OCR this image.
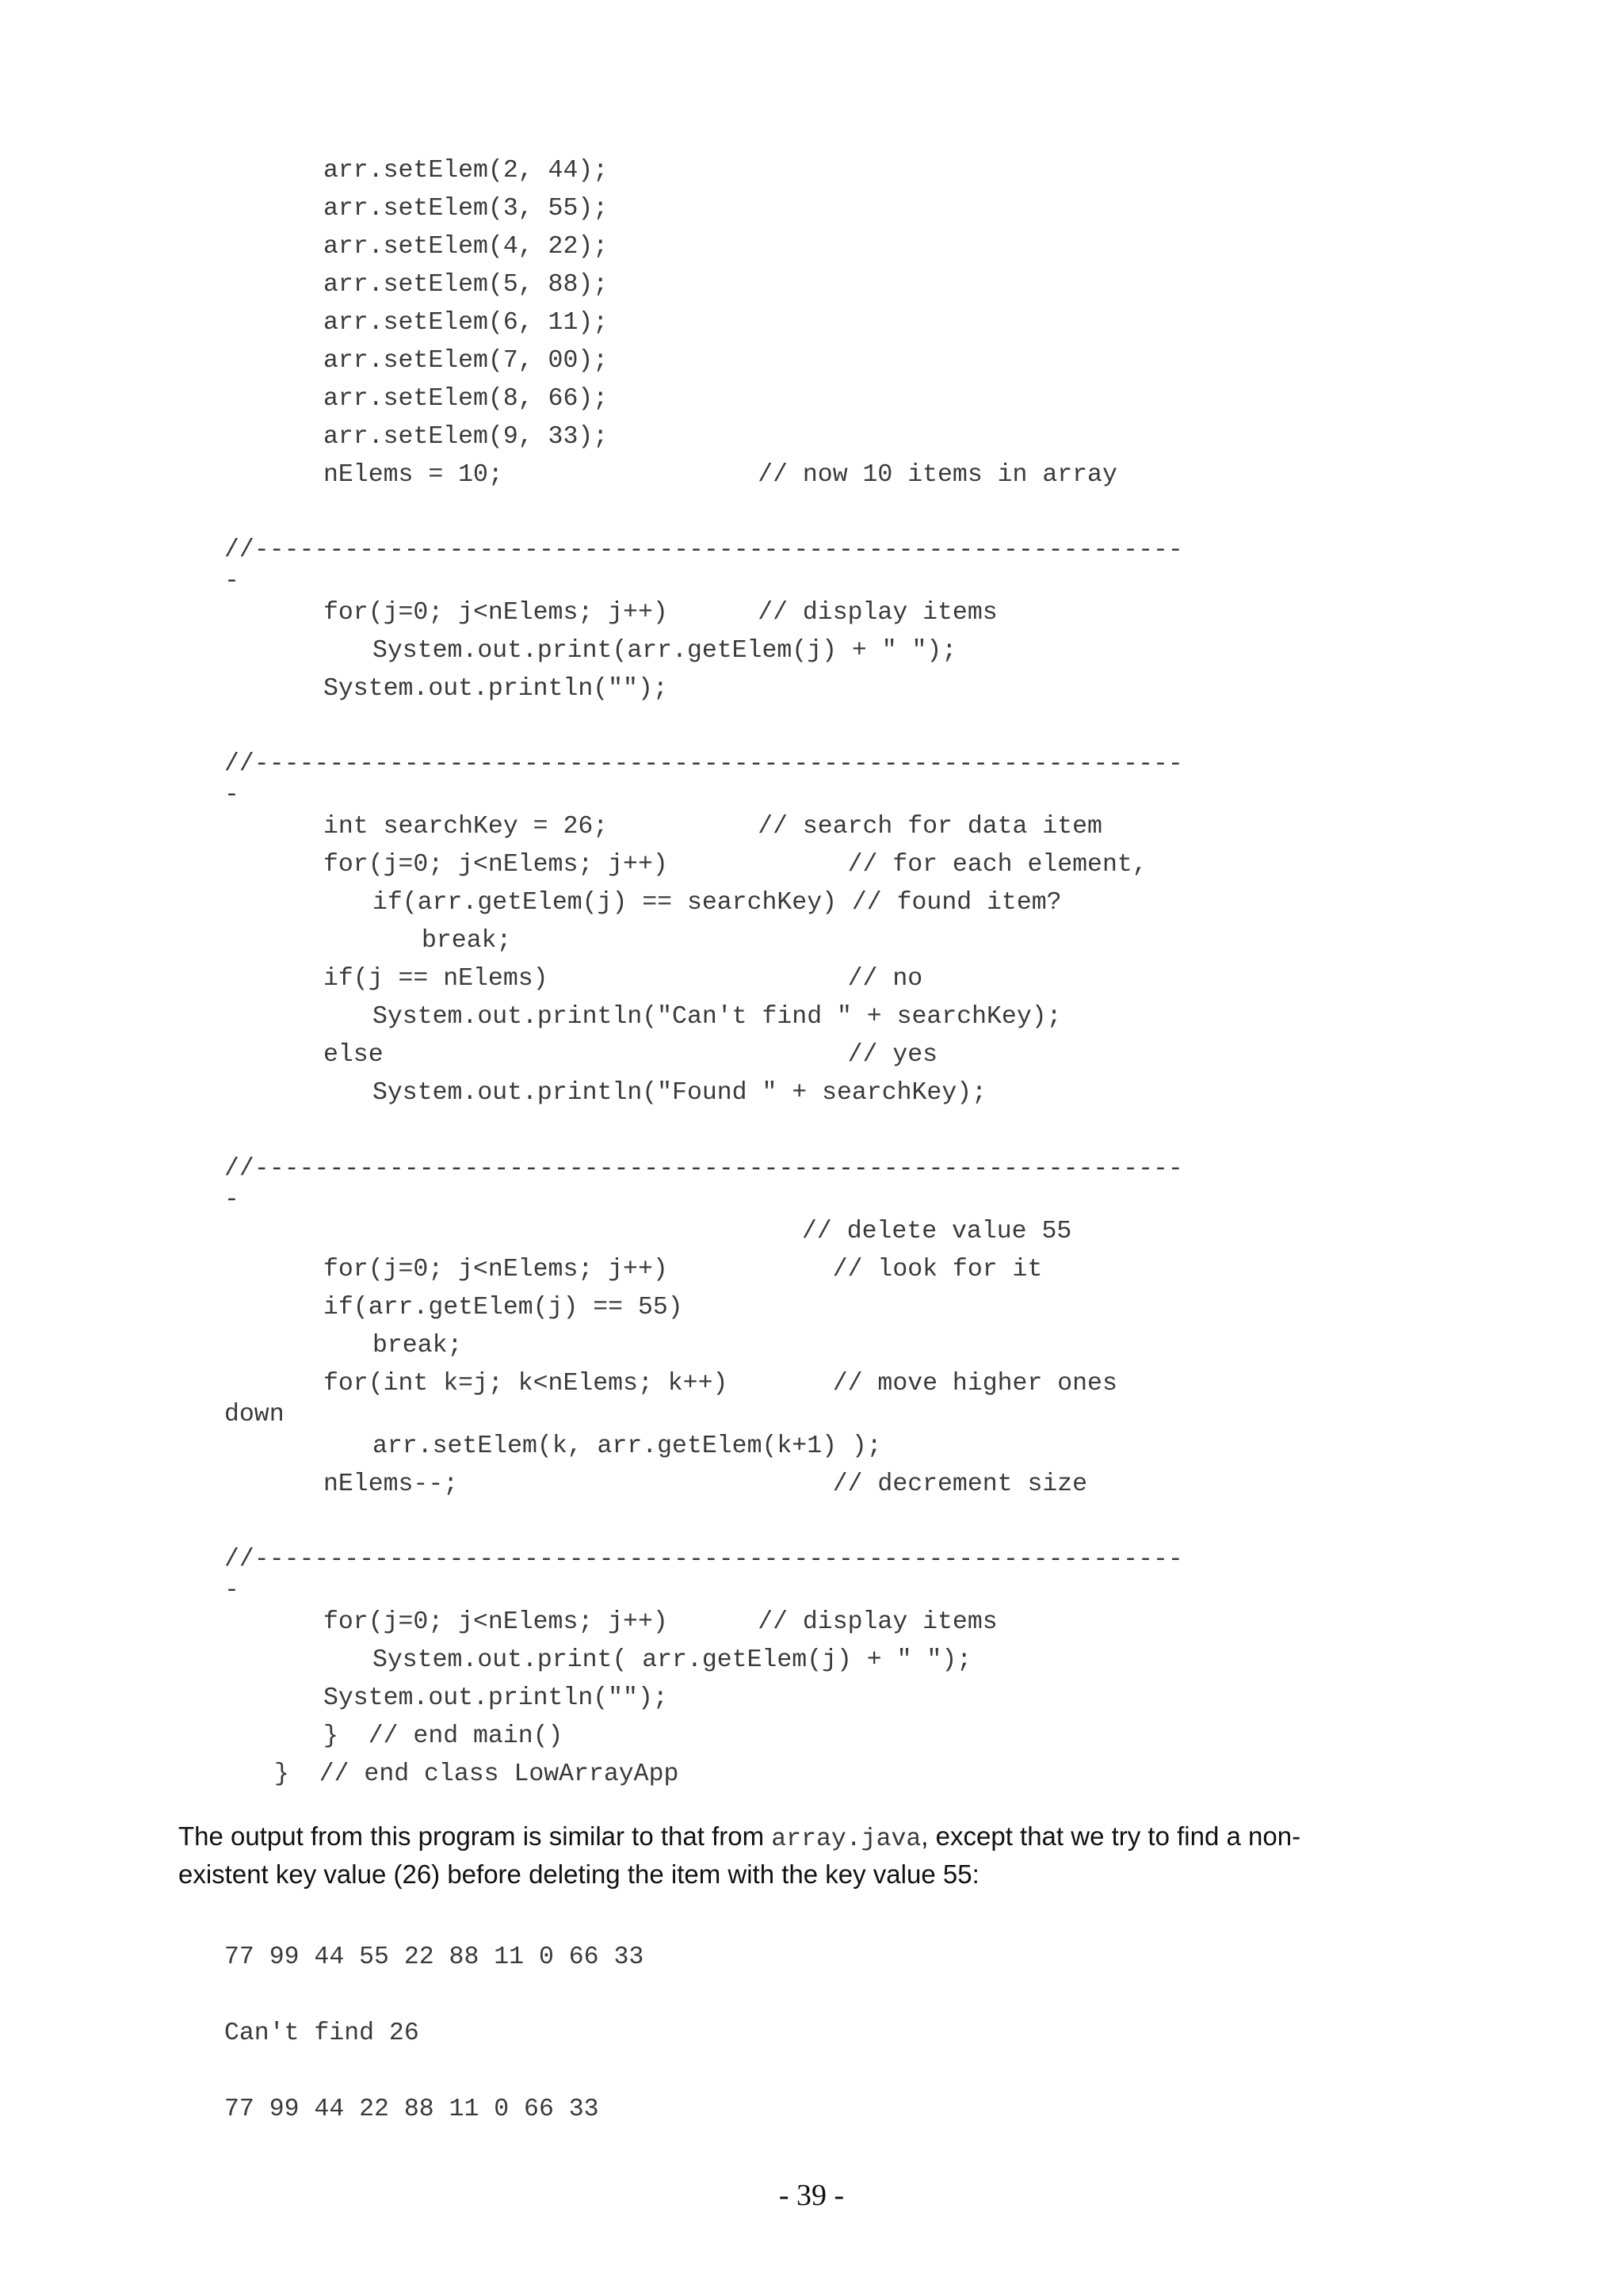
arr.setElem(2, 44);
arr.setElem(3, 55);
arr.setElem(4, 22);
arr.setElem(5, 88);
arr.setElem(6, 11);
arr.setElem(7, 00);
arr.setElem(8, 66);
arr.setElem(9, 33);
nElems = 10;                 // now 10 items in array
//--------------------------------------------------------------
-
for(j=0; j<nElems; j++)      // display items
System.out.print(arr.getElem(j) + " ");
System.out.println("");
//--------------------------------------------------------------
-
int searchKey = 26;          // search for data item
for(j=0; j<nElems; j++)            // for each element,
if(arr.getElem(j) == searchKey) // found item?
break;
if(j == nElems)                    // no
System.out.println("Can't find " + searchKey);
else                               // yes
System.out.println("Found " + searchKey);
//--------------------------------------------------------------
-
// delete value 55
for(j=0; j<nElems; j++)           // look for it
if(arr.getElem(j) == 55)
break;
for(int k=j; k<nElems; k++)       // move higher ones
down
arr.setElem(k, arr.getElem(k+1) );
nElems--;                         // decrement size
//--------------------------------------------------------------
-
for(j=0; j<nElems; j++)      // display items
System.out.print( arr.getElem(j) + " ");
System.out.println("");
}  // end main()
}  // end class LowArrayApp

The output from this program is similar to that from array.java, except that we try to find a non-existent key value (26) before deleting the item with the key value 55:

77 99 44 55 22 88 11 0 66 33
Can't find 26
77 99 44 22 88 11 0 66 33
- 39 -
